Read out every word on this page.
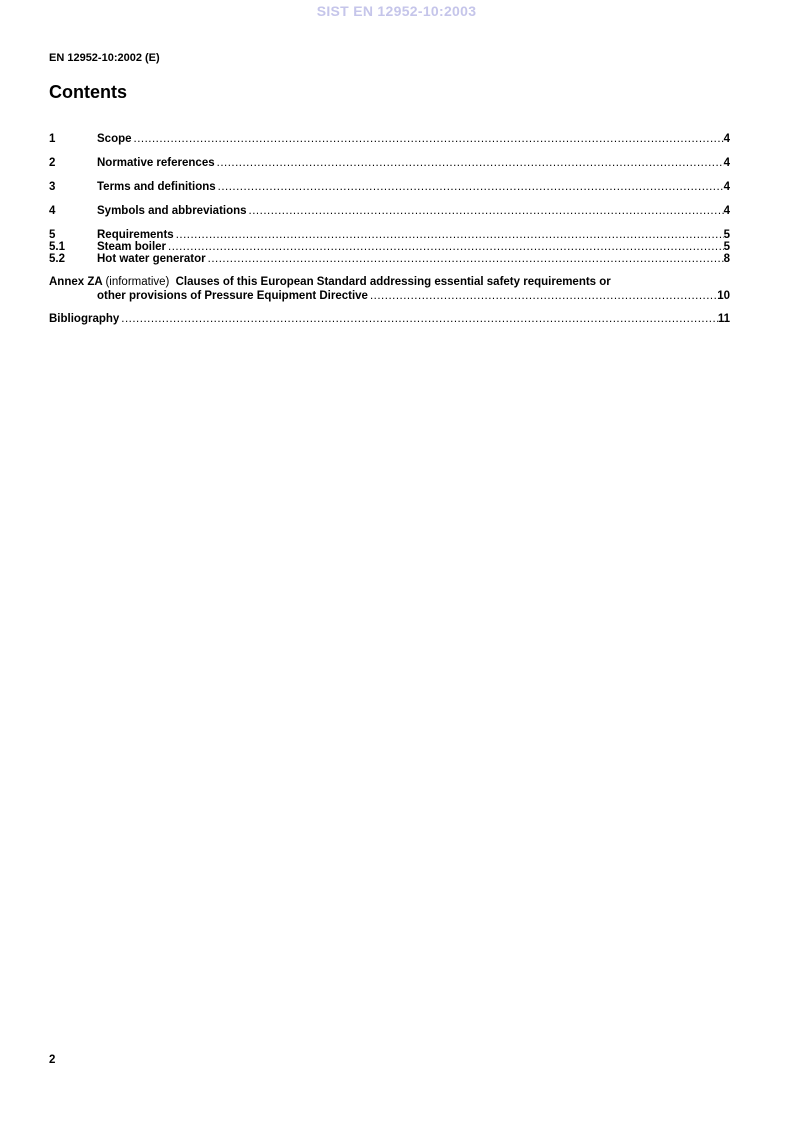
SIST EN 12952-10:2003
EN 12952-10:2002 (E)
Contents
1	Scope .....	4
2	Normative references .....	4
3	Terms and definitions .....	4
4	Symbols and abbreviations .....	4
5	Requirements .....	5
5.1	Steam boiler .....	5
5.2	Hot water generator .....	8
Annex ZA (informative) Clauses of this European Standard addressing essential safety requirements or
other provisions of Pressure Equipment Directive .....	10
Bibliography .....	11
2
